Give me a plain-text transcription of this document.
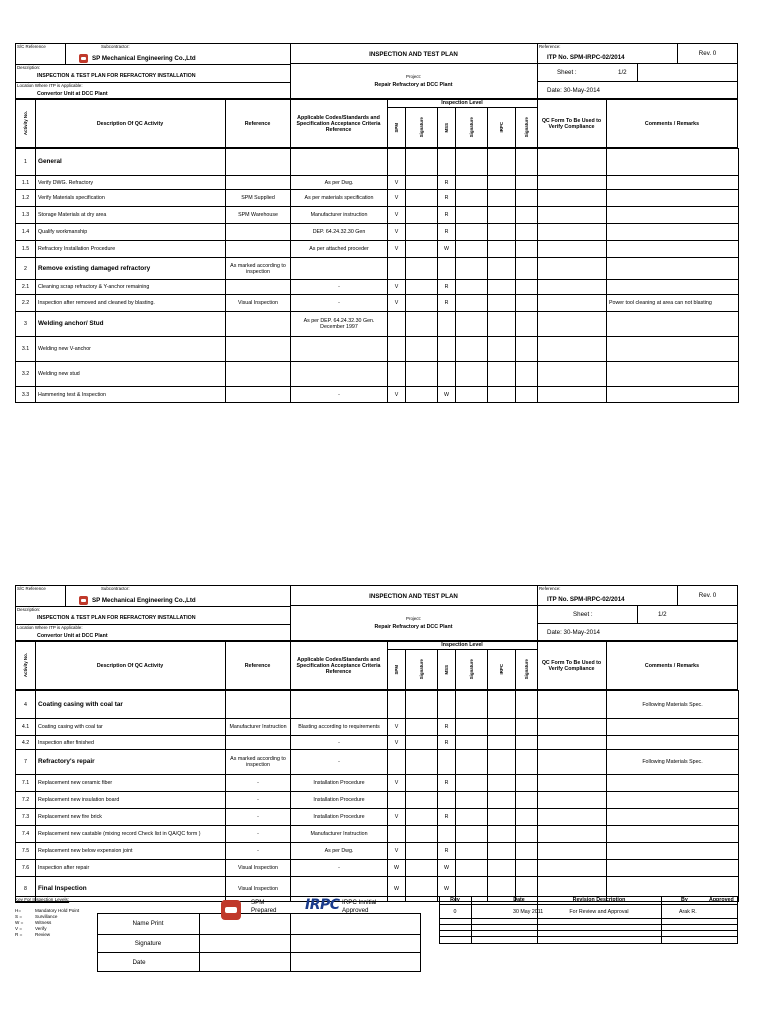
S/C Reference	Subcontractor:
SP Mechanical Engineering Co.,Ltd
INSPECTION AND TEST PLAN
Reference:
ITP No. SPM-IRPC-02/2014
Rev. 0
Description:
INSPECTION & TEST PLAN FOR REFRACTORY INSTALLATION	Project:
Repair Refractory at DCC Plant
Sheet :	1/2
Location Where ITP is Applicable:
Convertor Unit at DCC Plant	Date: 30-May-2014
Activity No.	Description Of QC Activity	Reference
Applicable Codes/Standards and Specification Acceptance Criteria Reference
Inspection Level
SPM	Signature	MSS	Signature	IRPC	Signature	QC Form To Be Used to Verify Compliance	Comments / Remarks
1	General										
1.1	Verify DWG. Refractory		As per Dwg.	V		R					
1.2	Verify Materials specification	SPM Supplied	As per materials specification	V		R					
1.3	Storage Materials at dry area	SPM Warehouse	Manufacturer instruction	V		R					
1.4	Qualify workmanship		DEP. 64.24.32.30 Gen	V		R					
1.5	Refractory Installation Procedure		As per attached proceder	V		W					
2	Remove existing damaged refractory	As marked according to inspection									
2.1	Cleaning scrap refractory & Y-anchor remaining		-	V		R					
2.2	Inspection after removed and cleaned by blasting.	Visual Inspection	-	V		R					Power tool cleaning at area can not blasting
3	Welding anchor/ Stud		As per DEP. 64.24.32.30 Gen. December 1997								
3.1	Welding new V-anchor										
3.2	Welding new stud										
3.3	Hammering test & Inspection		-	V		W					
S/C Reference	Subcontractor:
SP Mechanical Engineering Co.,Ltd
INSPECTION AND TEST PLAN
Reference:
ITP No. SPM-IRPC-02/2014
Rev. 0
Description:
INSPECTION & TEST PLAN FOR REFRACTORY INSTALLATION	Project:
Repair Refractory at DCC Plant
Sheet :	1/2
Location Where ITP is Applicable:
Convertor Unit at DCC Plant	Date: 30-May-2014
Activity No.	Description Of QC Activity	Reference
Applicable Codes/Standards and Specification Acceptance Criteria Reference
Inspection Level
SPM	Signature	MSS	Signature	IRPC	Signature	QC Form To Be Used to Verify Compliance	Comments / Remarks
4	Coating casing with coal tar										Following Materials Spec.
4.1	Coating casing with coal tar	Manufacturer Instruction	Blasting according to requirements	V		R					
4.2	Inspection after finished		-	V		R					
7	Refractory's repair	As marked according to inspection	-								Following Materials Spec.
7.1	Replacement new ceramic fiber	-	Installation Procedure	V		R					
7.2	Replacement new insulation board	-	Installation Procedure								
7.3	Replacement new fire brick	-	Installation Procedure	V		R					
7.4	Replacement new castable (mixing record Check list in QA/QC form )	-	Manufacturer Instruction								
7.5	Replacement new below expension joint	-	As per Dwg.	V		R					
7.6	Inspection after repair	Visual Inspection	-	W		W					
8	Final Inspection	Visual Inspection		W		W					
Key For Inspection Levels:
H=	Mandatory Hold Point
S =	Survillance
W =	Witness
V =	Verify
R =	Review
Name Print
Signature
Date
SPM
Prepared IRPC IRPC Innitial
Approved
Rev	Date	Revision Description	By	Approved
0	30 May 2011	For Review and Approval	Arak R.
